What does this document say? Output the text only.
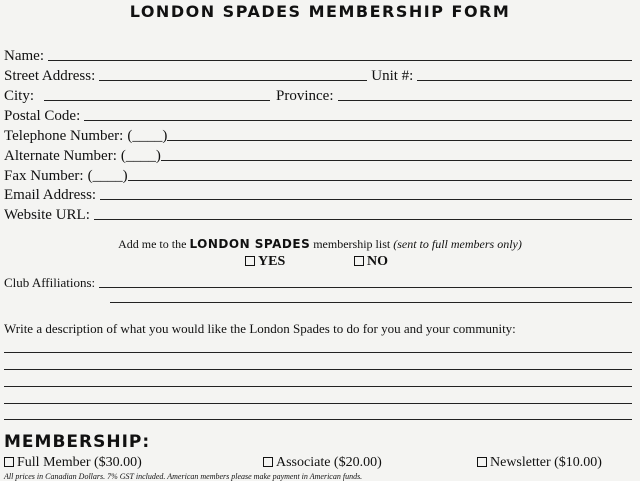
LONDON SPADES MEMBERSHIP FORM
Name:
Street Address:	Unit #:
City:	Province:
Postal Code:
Telephone Number: (____)
Alternate Number: (____)
Fax Number: (____)
Email Address:
Website URL:
Add me to the LONDON SPADES membership list (sent to full members only)
YES	NO
Club Affiliations:
Write a description of what you would like the London Spades to do for you and your community:
MEMBERSHIP:
Full Member ($30.00)	Associate ($20.00)	Newsletter ($10.00)
All prices in Canadian Dollars. 7% GST included. American members please make payment in American funds.
